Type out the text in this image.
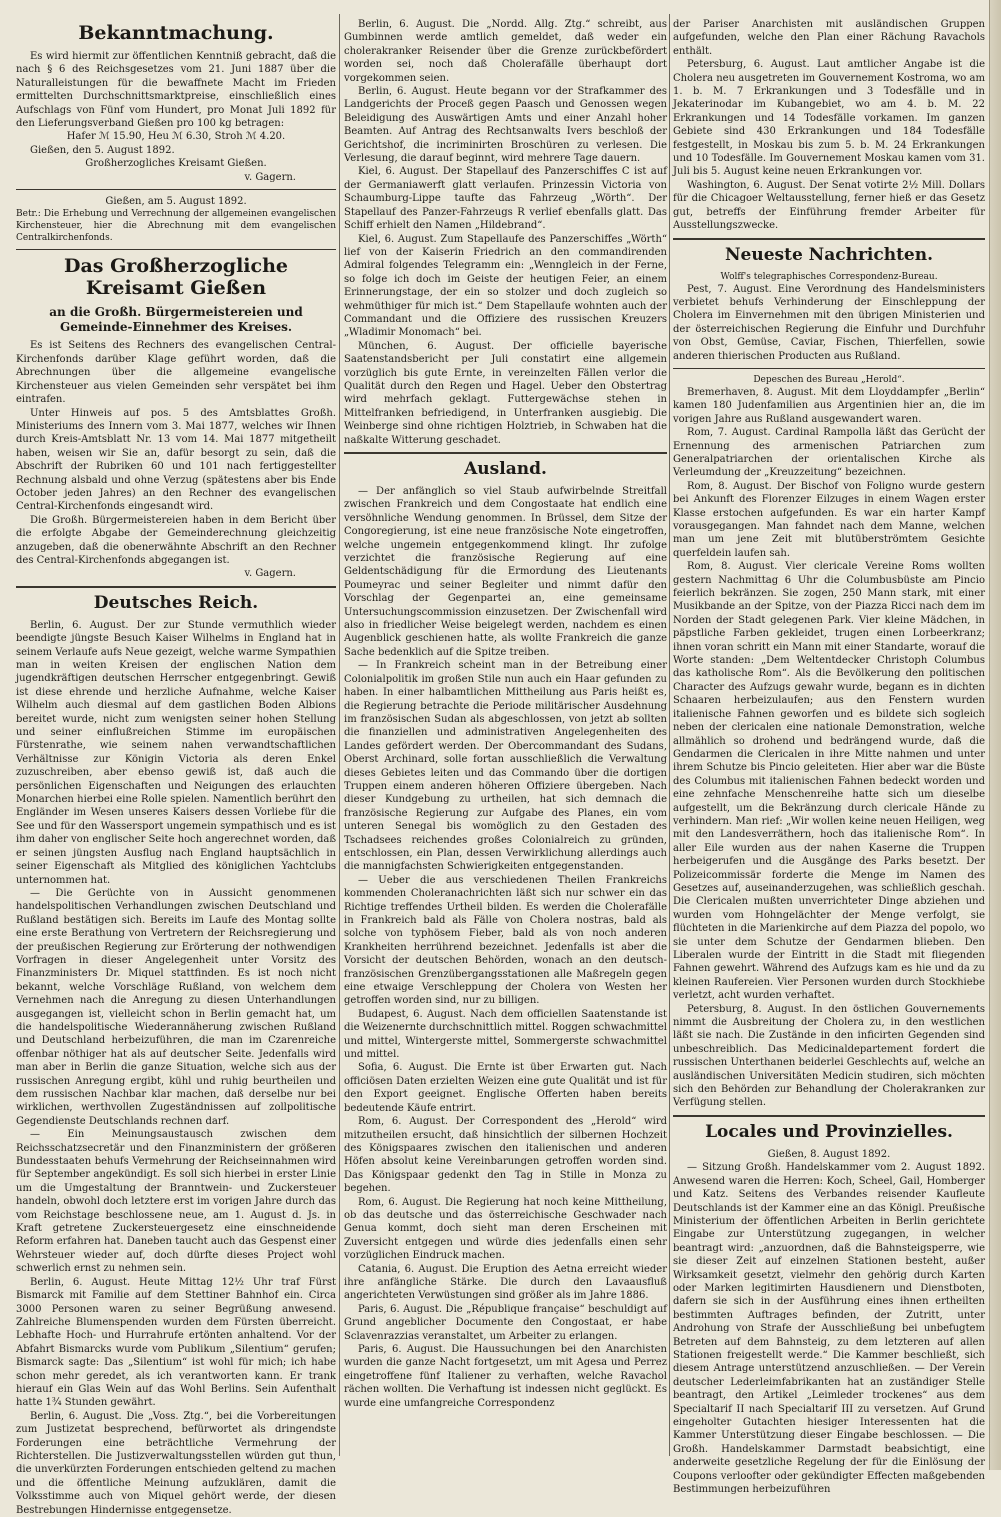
Bekanntmachung.

Es wird hiermit zur öffentlichen Kenntniß gebracht, daß die nach § 6 des Reichsgesetzes vom 21. Juni 1887 über die Naturalleistungen für die bewaffnete Macht im Frieden ermittelten Durchschnittsmarktpreise, einschließlich eines Aufschlags von Fünf vom Hundert, pro Monat Juli 1892 für den Lieferungsverband Gießen pro 100 kg betragen:

Hafer ℳ 15.90, Heu ℳ 6.30, Stroh ℳ 4.20.

Gießen, den 5. August 1892.

Großherzogliches Kreisamt Gießen.

v. Gagern.

Gießen, am 5. August 1892.

Betr.: Die Erhebung und Verrechnung der allgemeinen evangelischen Kirchensteuer, hier die Abrechnung mit dem evangelischen Centralkirchenfonds.

Das Großherzogliche Kreisamt Gießen
an die Großh. Bürgermeistereien und Gemeinde-Einnehmer des Kreises.

Es ist Seitens des Rechners des evangelischen Central-Kirchenfonds darüber Klage geführt worden, daß die Abrechnungen über die allgemeine evangelische Kirchensteuer aus vielen Gemeinden sehr verspätet bei ihm eintrafen.

Unter Hinweis auf pos. 5 des Amtsblattes Großh. Ministeriums des Innern vom 3. Mai 1877, welches wir Ihnen durch Kreis-Amtsblatt Nr. 13 vom 14. Mai 1877 mitgetheilt haben, weisen wir Sie an, dafür besorgt zu sein, daß die Abschrift der Rubriken 60 und 101 nach fertiggestellter Rechnung alsbald und ohne Verzug (spätestens aber bis Ende October jeden Jahres) an den Rechner des evangelischen Central-Kirchenfonds eingesandt wird.

Die Großh. Bürgermeistereien haben in dem Bericht über die erfolgte Abgabe der Gemeinderechnung gleichzeitig anzugeben, daß die obenerwähnte Abschrift an den Rechner des Central-Kirchenfonds abgegangen ist.

v. Gagern.

Deutsches Reich.

Berlin, 6. August. Der zur Stunde vermuthlich wieder beendigte jüngste Besuch Kaiser Wilhelms in England hat in seinem Verlaufe aufs Neue gezeigt, welche warme Sympathien man in weiten Kreisen der englischen Nation dem jugendkräftigen deutschen Herrscher entgegenbringt. Gewiß ist diese ehrende und herzliche Aufnahme, welche Kaiser Wilhelm auch diesmal auf dem gastlichen Boden Albions bereitet wurde, nicht zum wenigsten seiner hohen Stellung und seiner einflußreichen Stimme im europäischen Fürstenrathe, wie seinem nahen verwandtschaftlichen Verhältnisse zur Königin Victoria als deren Enkel zuzuschreiben, aber ebenso gewiß ist, daß auch die persönlichen Eigenschaften und Neigungen des erlauchten Monarchen hierbei eine Rolle spielen. Namentlich berührt den Engländer im Wesen unseres Kaisers dessen Vorliebe für die See und für den Wassersport ungemein sympathisch und es ist ihm daher von englischer Seite hoch angerechnet worden, daß er seinen jüngsten Ausflug nach England hauptsächlich in seiner Eigenschaft als Mitglied des königlichen Yachtclubs unternommen hat.

— Die Gerüchte von in Aussicht genommenen handelspolitischen Verhandlungen zwischen Deutschland und Rußland bestätigen sich. Bereits im Laufe des Montag sollte eine erste Berathung von Vertretern der Reichsregierung und der preußischen Regierung zur Erörterung der nothwendigen Vorfragen in dieser Angelegenheit unter Vorsitz des Finanzministers Dr. Miquel stattfinden. Es ist noch nicht bekannt, welche Vorschläge Rußland, von welchem dem Vernehmen nach die Anregung zu diesen Unterhandlungen ausgegangen ist, vielleicht schon in Berlin gemacht hat, um die handelspolitische Wiederannäherung zwischen Rußland und Deutschland herbeizuführen, die man im Czarenreiche offenbar nöthiger hat als auf deutscher Seite. Jedenfalls wird man aber in Berlin die ganze Situation, welche sich aus der russischen Anregung ergibt, kühl und ruhig beurtheilen und dem russischen Nachbar klar machen, daß derselbe nur bei wirklichen, werthvollen Zugeständnissen auf zollpolitische Gegendienste Deutschlands rechnen darf.

— Ein Meinungsaustausch zwischen dem Reichsschatzsecretär und den Finanzministern der größeren Bundesstaaten behufs Vermehrung der Reichseinnahmen wird für September angekündigt. Es soll sich hierbei in erster Linie um die Umgestaltung der Branntwein- und Zuckersteuer handeln, obwohl doch letztere erst im vorigen Jahre durch das vom Reichstage beschlossene neue, am 1. August d. Js. in Kraft getretene Zuckersteuergesetz eine einschneidende Reform erfahren hat. Daneben taucht auch das Gespenst einer Wehrsteuer wieder auf, doch dürfte dieses Project wohl schwerlich ernst zu nehmen sein.

Berlin, 6. August. Heute Mittag 12½ Uhr traf Fürst Bismarck mit Familie auf dem Stettiner Bahnhof ein. Circa 3000 Personen waren zu seiner Begrüßung anwesend. Zahlreiche Blumenspenden wurden dem Fürsten überreicht. Lebhafte Hoch- und Hurrahrufe ertönten anhaltend. Vor der Abfahrt Bismarcks wurde vom Publikum „Silentium“ gerufen; Bismarck sagte: Das „Silentium“ ist wohl für mich; ich habe schon mehr geredet, als ich verantworten kann. Er trank hierauf ein Glas Wein auf das Wohl Berlins. Sein Aufenthalt hatte 1¾ Stunden gewährt.

Berlin, 6. August. Die „Voss. Ztg.“, bei die Vorbereitungen zum Justizetat besprechend, befürwortet als dringendste Forderungen eine beträchtliche Vermehrung der Richterstellen. Die Justizverwaltungsstellen würden gut thun, die unverkürzten Forderungen entschieden geltend zu machen und die öffentliche Meinung aufzuklären, damit die Volksstimme auch von Miquel gehört werde, der diesen Bestrebungen Hindernisse entgegensetze.

Berlin, 6. August. Die „Nordd. Allg. Ztg.“ schreibt, aus Gumbinnen werde amtlich gemeldet, daß weder ein cholerakranker Reisender über die Grenze zurückbefördert worden sei, noch daß Cholerafälle überhaupt dort vorgekommen seien.

Berlin, 6. August. Heute begann vor der Strafkammer des Landgerichts der Proceß gegen Paasch und Genossen wegen Beleidigung des Auswärtigen Amts und einer Anzahl hoher Beamten. Auf Antrag des Rechtsanwalts Ivers beschloß der Gerichtshof, die incriminirten Broschüren zu verlesen. Die Verlesung, die darauf beginnt, wird mehrere Tage dauern.

Kiel, 6. August. Der Stapellauf des Panzerschiffes C ist auf der Germaniawerft glatt verlaufen. Prinzessin Victoria von Schaumburg-Lippe taufte das Fahrzeug „Wörth“. Der Stapellauf des Panzer-Fahrzeugs R verlief ebenfalls glatt. Das Schiff erhielt den Namen „Hildebrand“.

Kiel, 6. August. Zum Stapellaufe des Panzerschiffes „Wörth“ lief von der Kaiserin Friedrich an den commandirenden Admiral folgendes Telegramm ein: „Wenngleich in der Ferne, so folge ich doch im Geiste der heutigen Feier, an einem Erinnerungstage, der ein so stolzer und doch zugleich so wehmüthiger für mich ist.“ Dem Stapellaufe wohnten auch der Commandant und die Offiziere des russischen Kreuzers „Wladimir Monomach“ bei.

München, 6. August. Der officielle bayerische Saatenstandsbericht per Juli constatirt eine allgemein vorzüglich bis gute Ernte, in vereinzelten Fällen verlor die Qualität durch den Regen und Hagel. Ueber den Obstertrag wird mehrfach geklagt. Futtergewächse stehen in Mittelfranken befriedigend, in Unterfranken ausgiebig. Die Weinberge sind ohne richtigen Holztrieb, in Schwaben hat die naßkalte Witterung geschadet.

Ausland.

— Der anfänglich so viel Staub aufwirbelnde Streitfall zwischen Frankreich und dem Congostaate hat endlich eine versöhnliche Wendung genommen. In Brüssel, dem Sitze der Congoregierung, ist eine neue französische Note eingetroffen, welche ungemein entgegenkommend klingt. Ihr zufolge verzichtet die französische Regierung auf eine Geldentschädigung für die Ermordung des Lieutenants Poumeyrac und seiner Begleiter und nimmt dafür den Vorschlag der Gegenpartei an, eine gemeinsame Untersuchungscommission einzusetzen. Der Zwischenfall wird also in friedlicher Weise beigelegt werden, nachdem es einen Augenblick geschienen hatte, als wollte Frankreich die ganze Sache bedenklich auf die Spitze treiben.

— In Frankreich scheint man in der Betreibung einer Colonialpolitik im großen Stile nun auch ein Haar gefunden zu haben. In einer halbamtlichen Mittheilung aus Paris heißt es, die Regierung betrachte die Periode militärischer Ausdehnung im französischen Sudan als abgeschlossen, von jetzt ab sollten die finanziellen und administrativen Angelegenheiten des Landes gefördert werden. Der Obercommandant des Sudans, Oberst Archinard, solle fortan ausschließlich die Verwaltung dieses Gebietes leiten und das Commando über die dortigen Truppen einem anderen höheren Offiziere übergeben. Nach dieser Kundgebung zu urtheilen, hat sich demnach die französische Regierung zur Aufgabe des Planes, ein vom unteren Senegal bis womöglich zu den Gestaden des Tschadsees reichendes großes Colonialreich zu gründen, entschlossen, ein Plan, dessen Verwirklichung allerdings auch die mannigfachsten Schwierigkeiten entgegenstanden.

— Ueber die aus verschiedenen Theilen Frankreichs kommenden Choleranachrichten läßt sich nur schwer ein das Richtige treffendes Urtheil bilden. Es werden die Cholerafälle in Frankreich bald als Fälle von Cholera nostras, bald als solche von typhösem Fieber, bald als von noch anderen Krankheiten herrührend bezeichnet. Jedenfalls ist aber die Vorsicht der deutschen Behörden, wonach an den deutsch-französischen Grenzübergangsstationen alle Maßregeln gegen eine etwaige Verschleppung der Cholera von Westen her getroffen worden sind, nur zu billigen.

Budapest, 6. August. Nach dem officiellen Saatenstande ist die Weizenernte durchschnittlich mittel. Roggen schwachmittel und mittel, Wintergerste mittel, Sommergerste schwachmittel und mittel.

Sofia, 6. August. Die Ernte ist über Erwarten gut. Nach officiösen Daten erzielten Weizen eine gute Qualität und ist für den Export geeignet. Englische Offerten haben bereits bedeutende Käufe entrirt.

Rom, 6. August. Der Correspondent des „Herold“ wird mitzutheilen ersucht, daß hinsichtlich der silbernen Hochzeit des Königspaares zwischen den italienischen und anderen Höfen absolut keine Vereinbarungen getroffen worden sind. Das Königspaar gedenkt den Tag in Stille in Monza zu begehen.

Rom, 6. August. Die Regierung hat noch keine Mittheilung, ob das deutsche und das österreichische Geschwader nach Genua kommt, doch sieht man deren Erscheinen mit Zuversicht entgegen und würde dies jedenfalls einen sehr vorzüglichen Eindruck machen.

Catania, 6. August. Die Eruption des Aetna erreicht wieder ihre anfängliche Stärke. Die durch den Lavaausfluß angerichteten Verwüstungen sind größer als im Jahre 1886.

Paris, 6. August. Die „République française“ beschuldigt auf Grund angeblicher Documente den Congostaat, er habe Sclavenrazzias veranstaltet, um Arbeiter zu erlangen.

Paris, 6. August. Die Haussuchungen bei den Anarchisten wurden die ganze Nacht fortgesetzt, um mit Agesa und Perrez eingetroffene fünf Italiener zu verhaften, welche Ravachol rächen wollten. Die Verhaftung ist indessen nicht geglückt. Es wurde eine umfangreiche Correspondenz

der Pariser Anarchisten mit ausländischen Gruppen aufgefunden, welche den Plan einer Rächung Ravachols enthält.

Petersburg, 6. August. Laut amtlicher Angabe ist die Cholera neu ausgetreten im Gouvernement Kostroma, wo am 1. b. M. 7 Erkrankungen und 3 Todesfälle und in Jekaterinodar im Kubangebiet, wo am 4. b. M. 22 Erkrankungen und 14 Todesfälle vorkamen. Im ganzen Gebiete sind 430 Erkrankungen und 184 Todesfälle festgestellt, in Moskau bis zum 5. b. M. 24 Erkrankungen und 10 Todesfälle. Im Gouvernement Moskau kamen vom 31. Juli bis 5. August keine neuen Erkrankungen vor.

Washington, 6. August. Der Senat votirte 2½ Mill. Dollars für die Chicagoer Weltausstellung, ferner hieß er das Gesetz gut, betreffs der Einführung fremder Arbeiter für Ausstellungszwecke.

Neueste Nachrichten.

Wolff's telegraphisches Correspondenz-Bureau.

Pest, 7. August. Eine Verordnung des Handelsministers verbietet behufs Verhinderung der Einschleppung der Cholera im Einvernehmen mit den übrigen Ministerien und der österreichischen Regierung die Einfuhr und Durchfuhr von Obst, Gemüse, Caviar, Fischen, Thierfellen, sowie anderen thierischen Producten aus Rußland.

Depeschen des Bureau „Herold“.

Bremerhaven, 8. August. Mit dem Lloyddampfer „Berlin“ kamen 180 Judenfamilien aus Argentinien hier an, die im vorigen Jahre aus Rußland ausgewandert waren.

Rom, 7. August. Cardinal Rampolla läßt das Gerücht der Ernennung des armenischen Patriarchen zum Generalpatriarchen der orientalischen Kirche als Verleumdung der „Kreuzzeitung“ bezeichnen.

Rom, 8. August. Der Bischof von Foligno wurde gestern bei Ankunft des Florenzer Eilzuges in einem Wagen erster Klasse erstochen aufgefunden. Es war ein harter Kampf vorausgegangen. Man fahndet nach dem Manne, welchen man um jene Zeit mit blutüberströmtem Gesichte querfeldein laufen sah.

Rom, 8. August. Vier clericale Vereine Roms wollten gestern Nachmittag 6 Uhr die Columbusbüste am Pincio feierlich bekränzen. Sie zogen, 250 Mann stark, mit einer Musikbande an der Spitze, von der Piazza Ricci nach dem im Norden der Stadt gelegenen Park. Vier kleine Mädchen, in päpstliche Farben gekleidet, trugen einen Lorbeerkranz; ihnen voran schritt ein Mann mit einer Standarte, worauf die Worte standen: „Dem Weltentdecker Christoph Columbus das katholische Rom“. Als die Bevölkerung den politischen Character des Aufzugs gewahr wurde, begann es in dichten Schaaren herbeizulaufen; aus den Fenstern wurden italienische Fahnen geworfen und es bildete sich sogleich neben der clericalen eine nationale Demonstration, welche allmählich so drohend und bedrängend wurde, daß die Gendarmen die Clericalen in ihre Mitte nahmen und unter ihrem Schutze bis Pincio geleiteten. Hier aber war die Büste des Columbus mit italienischen Fahnen bedeckt worden und eine zehnfache Menschenreihe hatte sich um dieselbe aufgestellt, um die Bekränzung durch clericale Hände zu verhindern. Man rief: „Wir wollen keine neuen Heiligen, weg mit den Landesverräthern, hoch das italienische Rom“. In aller Eile wurden aus der nahen Kaserne die Truppen herbeigerufen und die Ausgänge des Parks besetzt. Der Polizeicommissär forderte die Menge im Namen des Gesetzes auf, auseinanderzugehen, was schließlich geschah. Die Clericalen mußten unverrichteter Dinge abziehen und wurden vom Hohngelächter der Menge verfolgt, sie flüchteten in die Marienkirche auf dem Piazza del popolo, wo sie unter dem Schutze der Gendarmen blieben. Den Liberalen wurde der Eintritt in die Stadt mit fliegenden Fahnen gewehrt. Während des Aufzugs kam es hie und da zu kleinen Raufereien. Vier Personen wurden durch Stockhiebe verletzt, acht wurden verhaftet.

Petersburg, 8. August. In den östlichen Gouvernements nimmt die Ausbreitung der Cholera zu, in den westlichen läßt sie nach. Die Zustände in den inficirten Gegenden sind unbeschreiblich. Das Medicinaldepartement fordert die russischen Unterthanen beiderlei Geschlechts auf, welche an ausländischen Universitäten Medicin studiren, sich möchten sich den Behörden zur Behandlung der Cholerakranken zur Verfügung stellen.

Locales und Provinzielles.

Gießen, 8. August 1892.

— Sitzung Großh. Handelskammer vom 2. August 1892. Anwesend waren die Herren: Koch, Scheel, Gail, Homberger und Katz. Seitens des Verbandes reisender Kaufleute Deutschlands ist der Kammer eine an das Königl. Preußische Ministerium der öffentlichen Arbeiten in Berlin gerichtete Eingabe zur Unterstützung zugegangen, in welcher beantragt wird: „anzuordnen, daß die Bahnsteigsperre, wie sie dieser Zeit auf einzelnen Stationen besteht, außer Wirksamkeit gesetzt, vielmehr den gehörig durch Karten oder Marken legitimirten Hausdienern und Dienstboten, dafern sie sich in der Ausführung eines ihnen ertheilten bestimmten Auftrages befinden, der Zutritt, unter Androhung von Strafe der Ausschließung bei unbefugtem Betreten auf dem Bahnsteig, zu dem letzteren auf allen Stationen freigestellt werde.“ Die Kammer beschließt, sich diesem Antrage unterstützend anzuschließen. — Der Verein deutscher Lederleimfabrikanten hat an zuständiger Stelle beantragt, den Artikel „Leimleder trockenes“ aus dem Specialtarif II nach Specialtarif III zu versetzen. Auf Grund eingeholter Gutachten hiesiger Interessenten hat die Kammer Unterstützung dieser Eingabe beschlossen. — Die Großh. Handelskammer Darmstadt beabsichtigt, eine anderweite gesetzliche Regelung der für die Einlösung der Coupons verloofter oder gekündigter Effecten maßgebenden Bestimmungen herbeizuführen
